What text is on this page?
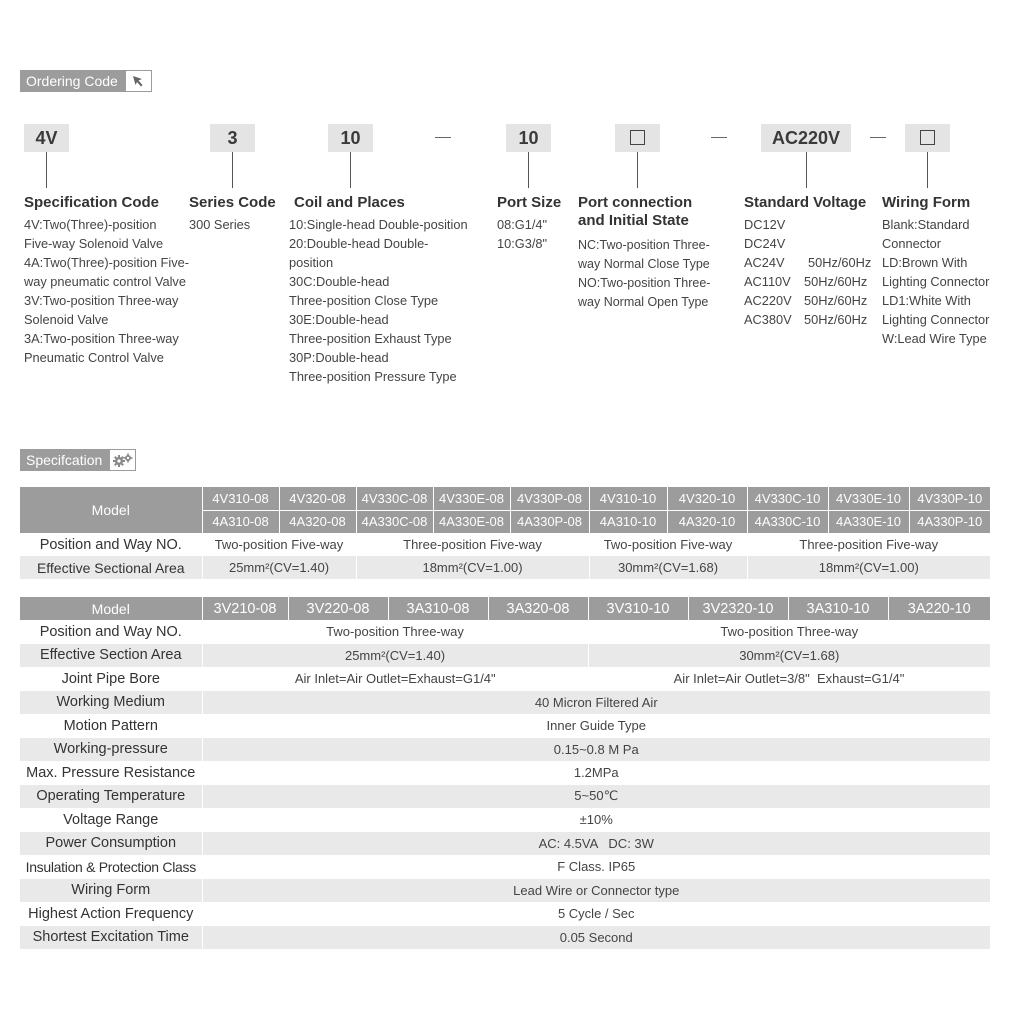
Ordering Code
4V	3	10	10	AC220V
Specification Code
4V:Two(Three)-position
Five-way Solenoid Valve
4A:Two(Three)-position Five-
way pneumatic control Valve
3V:Two-position Three-way
Solenoid Valve
3A:Two-position Three-way
Pneumatic Control Valve
Series Code
300 Series
Coil and Places
10:Single-head Double-position
20:Double-head Double-
position
30C:Double-head
Three-position Close Type
30E:Double-head
Three-position Exhaust Type
30P:Double-head
Three-position Pressure Type
Port Size
08:G1/4"
10:G3/8"
Port connection
and Initial State
NC:Two-position Three-
way Normal Close Type
NO:Two-position Three-
way Normal Open Type
Standard Voltage
DC12V
DC24V
AC24V 50Hz/60Hz
AC110V 50Hz/60Hz
AC220V 50Hz/60Hz
AC380V 50Hz/60Hz
Wiring Form
Blank:Standard
Connector
LD:Brown With
Lighting Connector
LD1:White With
Lighting Connector
W:Lead Wire Type
Specifcation
Model	4V310-08	4V320-08	4V330C-08	4V330E-08	4V330P-08	4V310-10	4V320-10	4V330C-10	4V330E-10	4V330P-10
	4A310-08	4A320-08	4A330C-08	4A330E-08	4A330P-08	4A310-10	4A320-10	4A330C-10	4A330E-10	4A330P-10
Position and Way NO.	Two-position Five-way		Three-position Five-way			Two-position Five-way		Three-position Five-way		
Effective Sectional Area	25mm²(CV=1.40)		18mm²(CV=1.00)			30mm²(CV=1.68)		18mm²(CV=1.00)		
Model	3V210-08	3V220-08	3A310-08	3A320-08	3V310-10	3V2320-10	3A310-10	3A220-10
Position and Way NO.	Two-position Three-way				Two-position Three-way			
Effective Section Area	25mm²(CV=1.40)				30mm²(CV=1.68)			
Joint Pipe Bore	Air Inlet=Air Outlet=Exhaust=G1/4"				Air Inlet=Air Outlet=3/8"  Exhaust=G1/4"			
Working Medium	40 Micron Filtered Air							
Motion Pattern	Inner Guide Type							
Working-pressure	0.15~0.8 M Pa							
Max. Pressure Resistance	1.2MPa							
Operating Temperature	5~50℃							
Voltage Range	±10%							
Power Consumption	AC: 4.5VA   DC: 3W							
Insulation & Protection Class	F Class. IP65							
Wiring Form	Lead Wire or Connector type							
Highest Action Frequency	5 Cycle / Sec							
Shortest Excitation Time	0.05 Second							
